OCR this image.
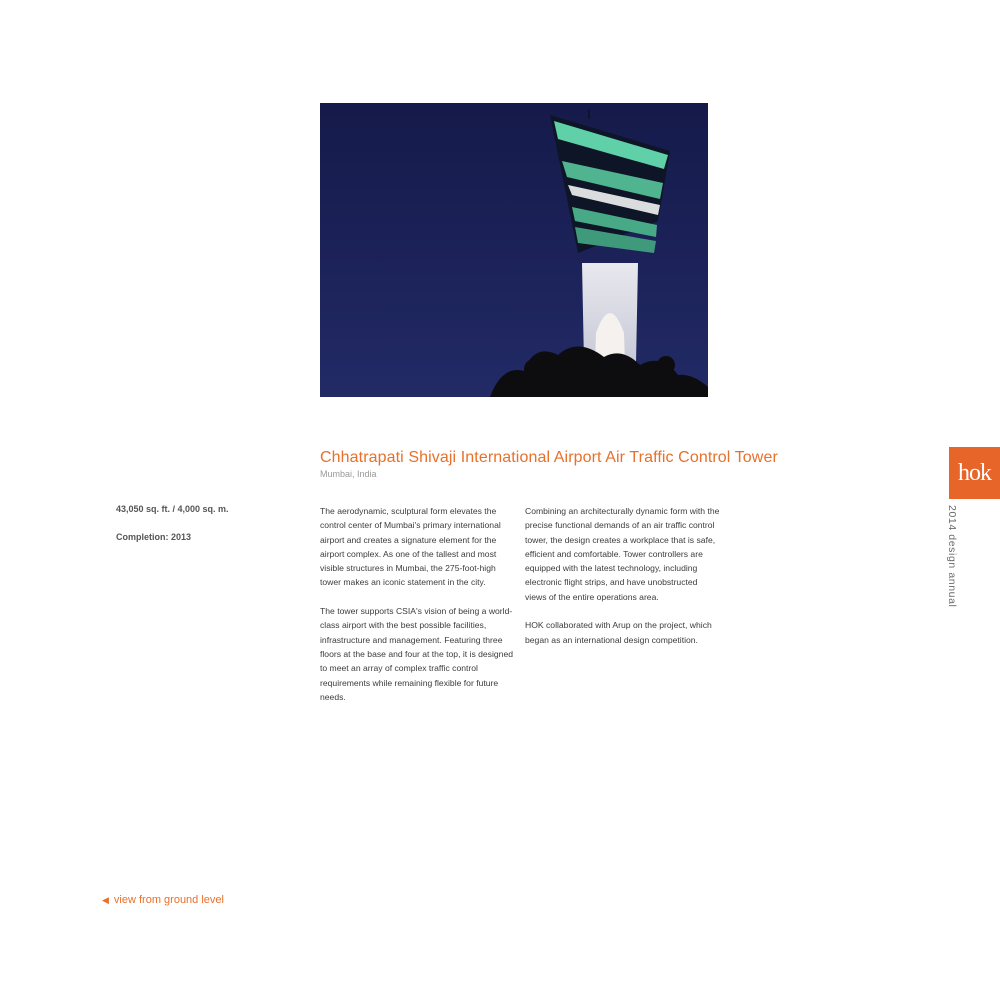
Chhatrapati Shivaji International Airport Air Traffic Control Tower
Mumbai, India
43,050 sq. ft. / 4,000 sq. m.
Completion: 2013

The aerodynamic, sculptural form elevates the control center of Mumbai's primary international airport and creates a signature element for the airport complex. As one of the tallest and most visible structures in Mumbai, the 275-foot-high tower makes an iconic statement in the city.

The tower supports CSIA's vision of being a world-class airport with the best possible facilities, infrastructure and management. Featuring three floors at the base and four at the top, it is designed to meet an array of complex traffic control requirements while remaining flexible for future needs.

Combining an architecturally dynamic form with the precise functional demands of an air traffic control tower, the design creates a workplace that is safe, efficient and comfortable. Tower controllers are equipped with the latest technology, including electronic flight strips, and have unobstructed views of the entire operations area.

HOK collaborated with Arup on the project, which began as an international design competition.

hok
2014 design annual
◀ view from ground level
